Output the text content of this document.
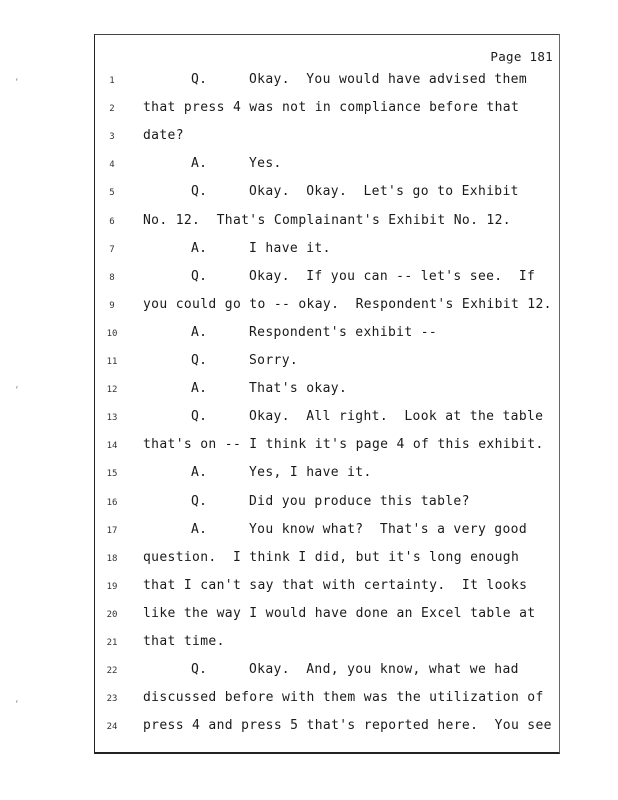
Page 181
1	Q.	Okay.  You would have advised them
2	that press 4 was not in compliance before that
3	date?
4	A.	Yes.
5	Q.	Okay.  Okay.  Let's go to Exhibit
6	No. 12.  That's Complainant's Exhibit No. 12.
7	A.	I have it.
8	Q.	Okay.  If you can -- let's see.  If
9	you could go to -- okay.  Respondent's Exhibit 12.
10	A.	Respondent's exhibit --
11	Q.	Sorry.
12	A.	That's okay.
13	Q.	Okay.  All right.  Look at the table
14 that's on -- I think it's page 4 of this exhibit.
15	A.	Yes, I have it.
16	Q.	Did you produce this table?
17	A.	You know what?  That's a very good
18 question.  I think I did, but it's long enough
19 that I can't say that with certainty.  It looks
20 like the way I would have done an Excel table at
21 that time.
22	Q.	Okay.  And, you know, what we had
23 discussed before with them was the utilization of
24 press 4 and press 5 that's reported here.  You see
‘
’
‘
